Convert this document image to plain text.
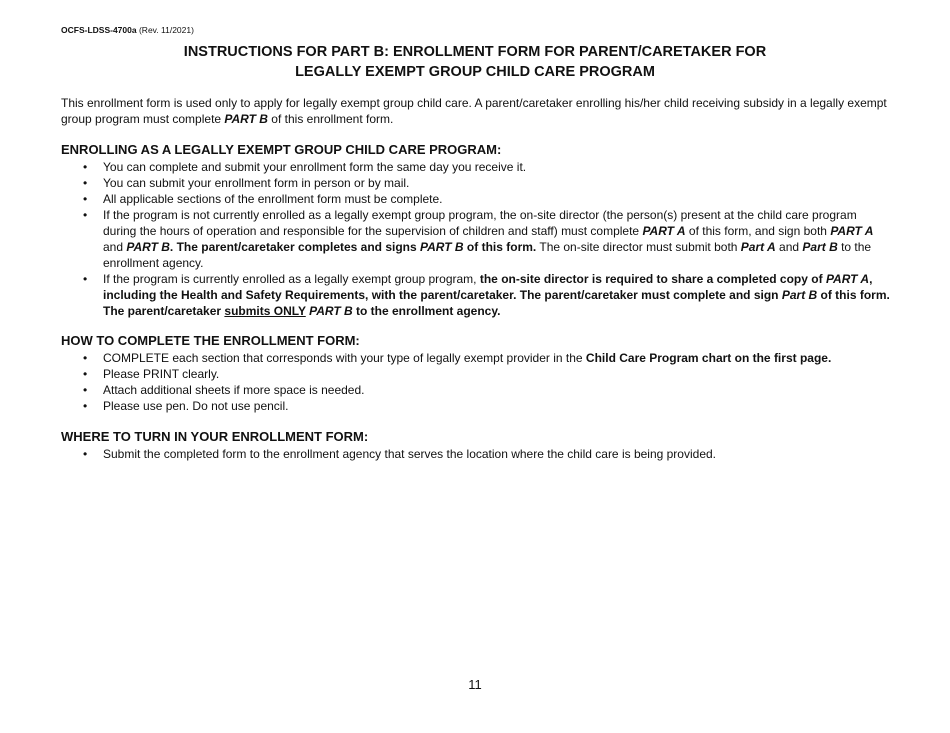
OCFS-LDSS-4700a (Rev. 11/2021)
INSTRUCTIONS FOR PART B: ENROLLMENT FORM FOR PARENT/CARETAKER FOR
LEGALLY EXEMPT GROUP CHILD CARE PROGRAM

This enrollment form is used only to apply for legally exempt group child care. A parent/caretaker enrolling his/her child receiving subsidy in a legally exempt group program must complete PART B of this enrollment form.

ENROLLING AS A LEGALLY EXEMPT GROUP CHILD CARE PROGRAM:
• You can complete and submit your enrollment form the same day you receive it.
• You can submit your enrollment form in person or by mail.
• All applicable sections of the enrollment form must be complete.
• If the program is not currently enrolled as a legally exempt group program, the on-site director (the person(s) present at the child care program during the hours of operation and responsible for the supervision of children and staff) must complete PART A of this form, and sign both PART A and PART B. The parent/caretaker completes and signs PART B of this form. The on-site director must submit both Part A and Part B to the enrollment agency.
• If the program is currently enrolled as a legally exempt group program, the on-site director is required to share a completed copy of PART A, including the Health and Safety Requirements, with the parent/caretaker. The parent/caretaker must complete and sign Part B of this form. The parent/caretaker submits ONLY PART B to the enrollment agency.
HOW TO COMPLETE THE ENROLLMENT FORM:
• COMPLETE each section that corresponds with your type of legally exempt provider in the Child Care Program chart on the first page.
• Please PRINT clearly.
• Attach additional sheets if more space is needed.
• Please use pen. Do not use pencil.
WHERE TO TURN IN YOUR ENROLLMENT FORM:
• Submit the completed form to the enrollment agency that serves the location where the child care is being provided.
11
